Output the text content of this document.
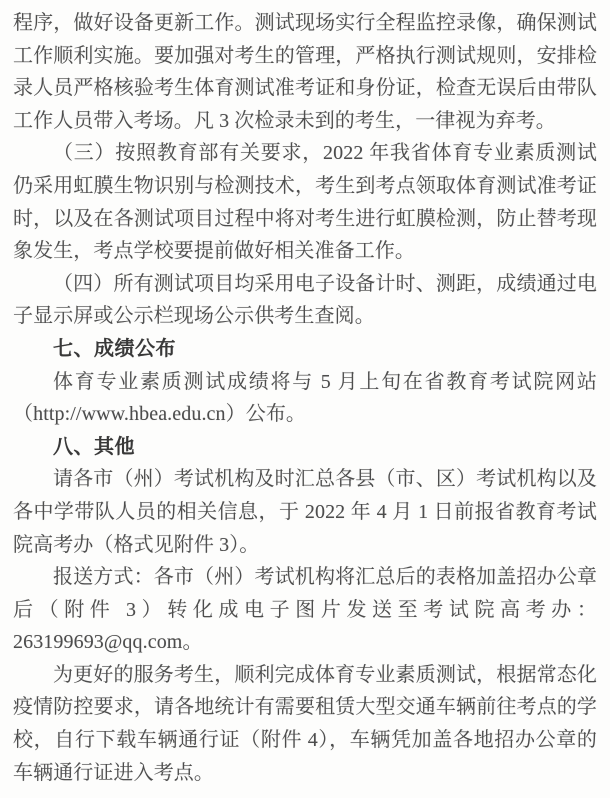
程序，做好设备更新工作。测试现场实行全程监控录像，确保测试工作顺利实施。要加强对考生的管理，严格执行测试规则，安排检录人员严格核验考生体育测试准考证和身份证，检查无误后由带队工作人员带入考场。凡 3 次检录未到的考生，一律视为弃考。

（三）按照教育部有关要求，2022 年我省体育专业素质测试仍采用虹膜生物识别与检测技术，考生到考点领取体育测试准考证时，以及在各测试项目过程中将对考生进行虹膜检测，防止替考现象发生，考点学校要提前做好相关准备工作。

（四）所有测试项目均采用电子设备计时、测距，成绩通过电子显示屏或公示栏现场公示供考生查阅。

七、成绩公布

体育专业素质测试成绩将与 5 月上旬在省教育考试院网站（http://www.hbea.edu.cn）公布。

八、其他

请各市（州）考试机构及时汇总各县（市、区）考试机构以及各中学带队人员的相关信息，于 2022 年 4 月 1 日前报省教育考试院高考办（格式见附件 3）。

报送方式：各市（州）考试机构将汇总后的表格加盖招办公章后（附件 3）转化成电子图片发送至考试院高考办：263199693@qq.com。

为更好的服务考生，顺利完成体育专业素质测试，根据常态化疫情防控要求，请各地统计有需要租赁大型交通车辆前往考点的学校，自行下载车辆通行证（附件 4），车辆凭加盖各地招办公章的车辆通行证进入考点。
